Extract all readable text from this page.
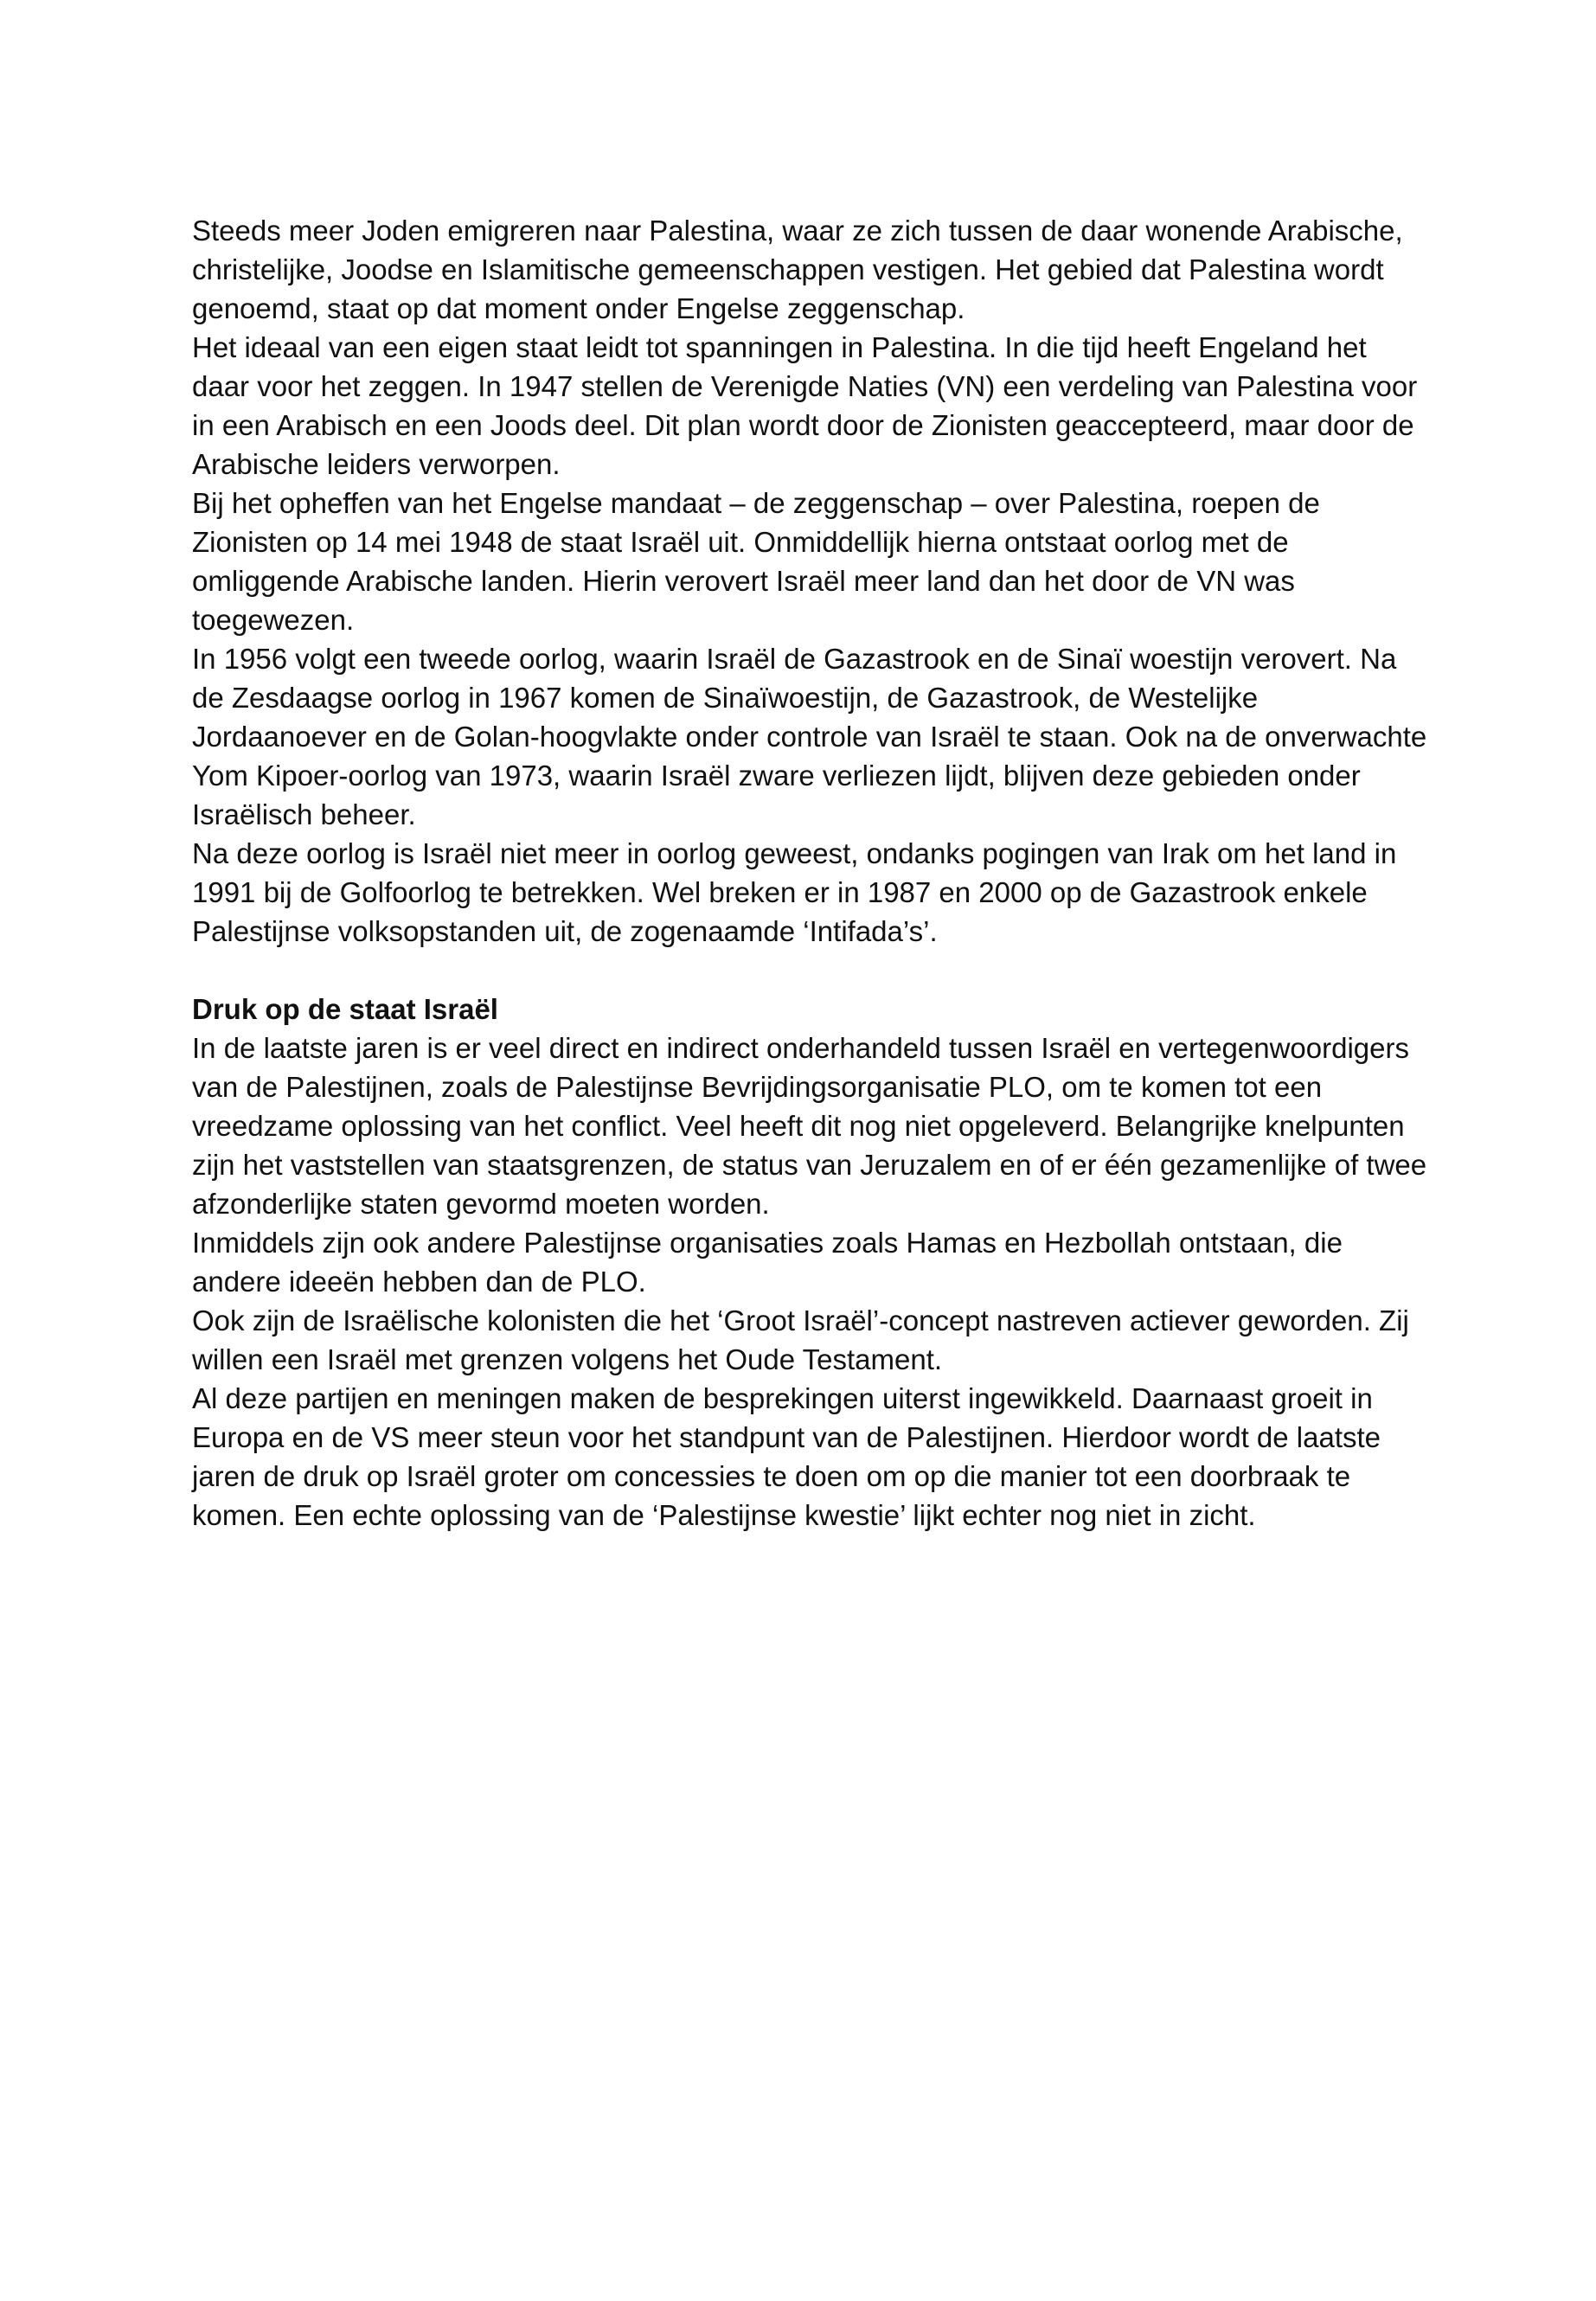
Steeds meer Joden emigreren naar Palestina, waar ze zich tussen de daar wonende Arabische, christelijke, Joodse en Islamitische gemeenschappen vestigen. Het gebied dat Palestina wordt genoemd, staat op dat moment onder Engelse zeggenschap.

Het ideaal van een eigen staat leidt tot spanningen in Palestina. In die tijd heeft Engeland het daar voor het zeggen. In 1947 stellen de Verenigde Naties (VN) een verdeling van Palestina voor in een Arabisch en een Joods deel. Dit plan wordt door de Zionisten geaccepteerd, maar door de Arabische leiders verworpen.

Bij het opheffen van het Engelse mandaat – de zeggenschap – over Palestina, roepen de Zionisten op 14 mei 1948 de staat Israël uit. Onmiddellijk hierna ontstaat oorlog met de omliggende Arabische landen. Hierin verovert Israël meer land dan het door de VN was toegewezen.

In 1956 volgt een tweede oorlog, waarin Israël de Gazastrook en de Sinaï woestijn verovert. Na de Zesdaagse oorlog in 1967 komen de Sinaïwoestijn, de Gazastrook, de Westelijke Jordaanoever en de Golan-hoogvlakte onder controle van Israël te staan. Ook na de onverwachte Yom Kipoer-oorlog van 1973, waarin Israël zware verliezen lijdt, blijven deze gebieden onder Israëlisch beheer.

Na deze oorlog is Israël niet meer in oorlog geweest, ondanks pogingen van Irak om het land in 1991 bij de Golfoorlog te betrekken. Wel breken er in 1987 en 2000 op de Gazastrook enkele Palestijnse volksopstanden uit, de zogenaamde ‘Intifada’s’.

Druk op de staat Israël

In de laatste jaren is er veel direct en indirect onderhandeld tussen Israël en vertegenwoordigers van de Palestijnen, zoals de Palestijnse Bevrijdingsorganisatie PLO, om te komen tot een vreedzame oplossing van het conflict. Veel heeft dit nog niet opgeleverd. Belangrijke knelpunten zijn het vaststellen van staatsgrenzen, de status van Jeruzalem en of er één gezamenlijke of twee afzonderlijke staten gevormd moeten worden.

Inmiddels zijn ook andere Palestijnse organisaties zoals Hamas en Hezbollah ontstaan, die andere ideeën hebben dan de PLO.

Ook zijn de Israëlische kolonisten die het ‘Groot Israël’-concept nastreven actiever geworden. Zij willen een Israël met grenzen volgens het Oude Testament.

Al deze partijen en meningen maken de besprekingen uiterst ingewikkeld. Daarnaast groeit in Europa en de VS meer steun voor het standpunt van de Palestijnen. Hierdoor wordt de laatste jaren de druk op Israël groter om concessies te doen om op die manier tot een doorbraak te komen. Een echte oplossing van de ‘Palestijnse kwestie’ lijkt echter nog niet in zicht.
